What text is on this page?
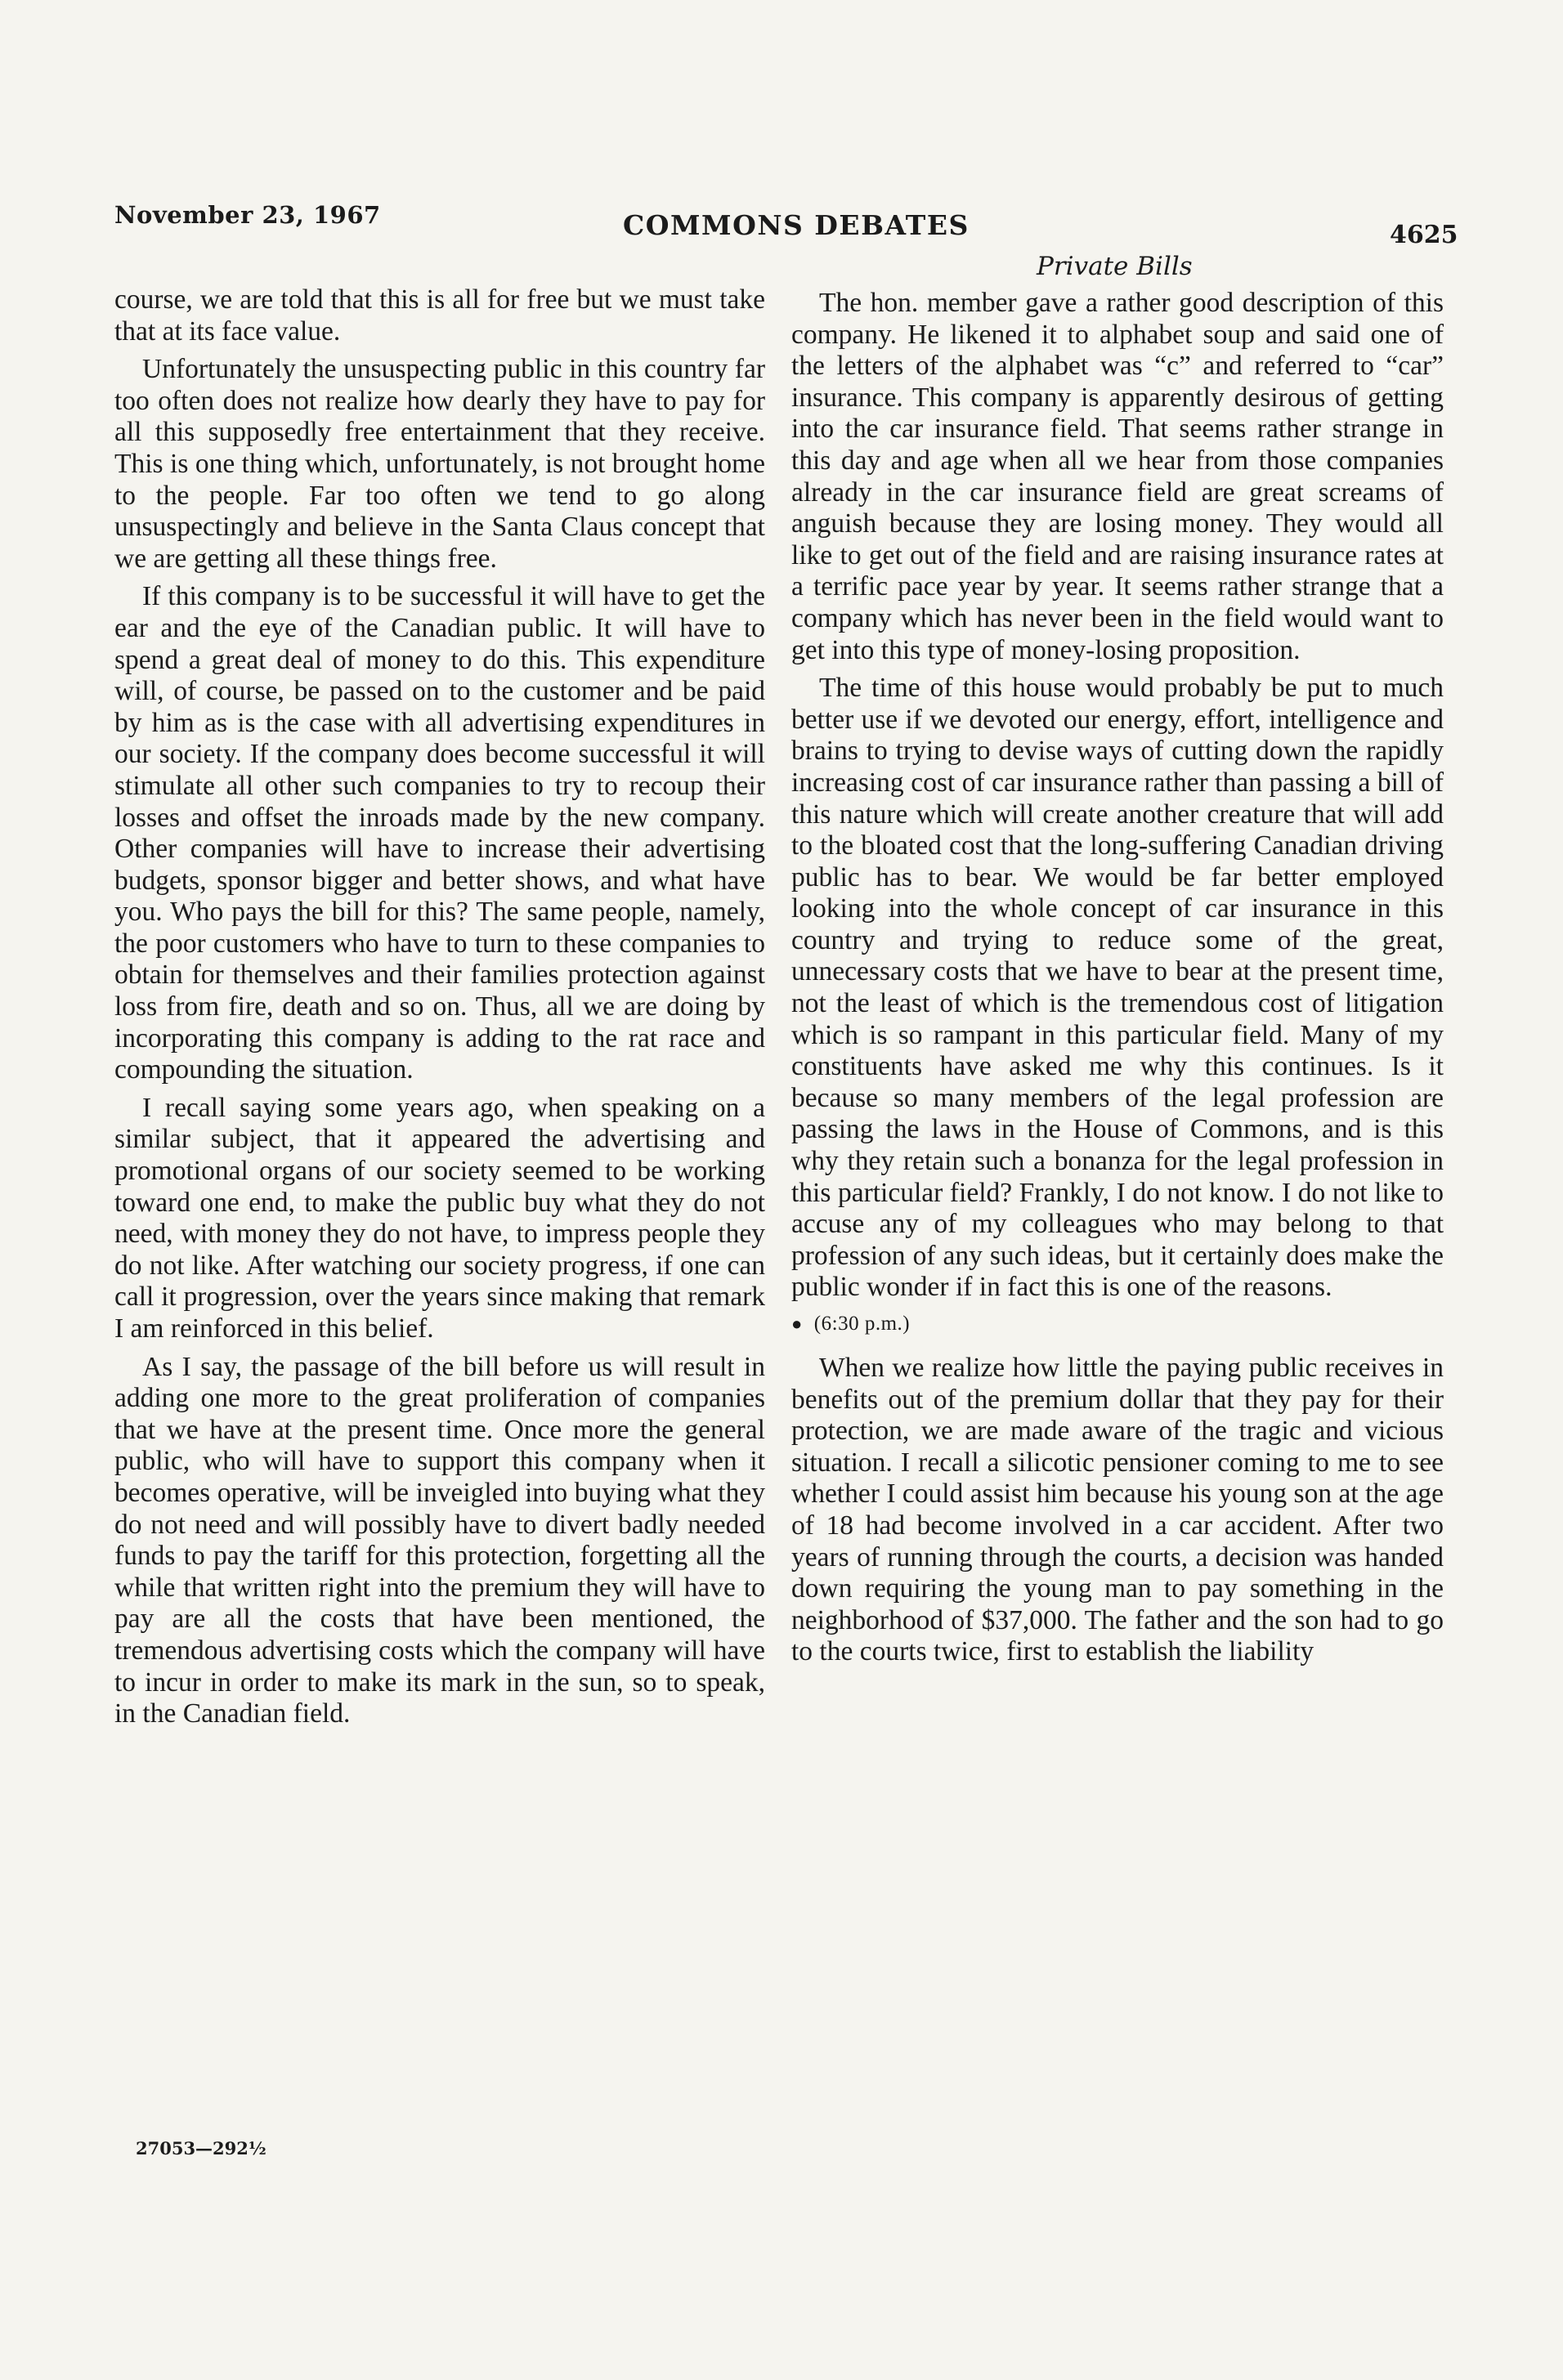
November 23, 1967	COMMONS DEBATES	4625
Private Bills

course, we are told that this is all for free but we must take that at its face value.

Unfortunately the unsuspecting public in this country far too often does not realize how dearly they have to pay for all this supposedly free entertainment that they receive. This is one thing which, unfortunately, is not brought home to the people. Far too often we tend to go along unsuspectingly and believe in the Santa Claus concept that we are getting all these things free.

If this company is to be successful it will have to get the ear and the eye of the Canadian public. It will have to spend a great deal of money to do this. This expenditure will, of course, be passed on to the customer and be paid by him as is the case with all advertising expenditures in our society. If the company does become successful it will stimulate all other such companies to try to recoup their losses and offset the inroads made by the new company. Other companies will have to increase their advertising budgets, sponsor bigger and better shows, and what have you. Who pays the bill for this? The same people, namely, the poor customers who have to turn to these companies to obtain for themselves and their families protection against loss from fire, death and so on. Thus, all we are doing by incorporating this company is adding to the rat race and compounding the situation.

I recall saying some years ago, when speaking on a similar subject, that it appeared the advertising and promotional organs of our society seemed to be working toward one end, to make the public buy what they do not need, with money they do not have, to impress people they do not like. After watching our society progress, if one can call it progression, over the years since making that remark I am reinforced in this belief.

As I say, the passage of the bill before us will result in adding one more to the great proliferation of companies that we have at the present time. Once more the general public, who will have to support this company when it becomes operative, will be inveigled into buying what they do not need and will possibly have to divert badly needed funds to pay the tariff for this protection, forgetting all the while that written right into the premium they will have to pay are all the costs that have been mentioned, the tremendous advertising costs which the company will have to incur in order to make its mark in the sun, so to speak, in the Canadian field.

The hon. member gave a rather good description of this company. He likened it to alphabet soup and said one of the letters of the alphabet was “c” and referred to “car” insurance. This company is apparently desirous of getting into the car insurance field. That seems rather strange in this day and age when all we hear from those companies already in the car insurance field are great screams of anguish because they are losing money. They would all like to get out of the field and are raising insurance rates at a terrific pace year by year. It seems rather strange that a company which has never been in the field would want to get into this type of money-losing proposition.

The time of this house would probably be put to much better use if we devoted our energy, effort, intelligence and brains to trying to devise ways of cutting down the rapidly increasing cost of car insurance rather than passing a bill of this nature which will create another creature that will add to the bloated cost that the long-suffering Canadian driving public has to bear. We would be far better employed looking into the whole concept of car insurance in this country and trying to reduce some of the great, unnecessary costs that we have to bear at the present time, not the least of which is the tremendous cost of litigation which is so rampant in this particular field. Many of my constituents have asked me why this continues. Is it because so many members of the legal profession are passing the laws in the House of Commons, and is this why they retain such a bonanza for the legal profession in this particular field? Frankly, I do not know. I do not like to accuse any of my colleagues who may belong to that profession of any such ideas, but it certainly does make the public wonder if in fact this is one of the reasons.

● (6:30 p.m.)

When we realize how little the paying public receives in benefits out of the premium dollar that they pay for their protection, we are made aware of the tragic and vicious situation. I recall a silicotic pensioner coming to me to see whether I could assist him because his young son at the age of 18 had become involved in a car accident. After two years of running through the courts, a decision was handed down requiring the young man to pay something in the neighborhood of $37,000. The father and the son had to go to the courts twice, first to establish the liability

27053—292½
